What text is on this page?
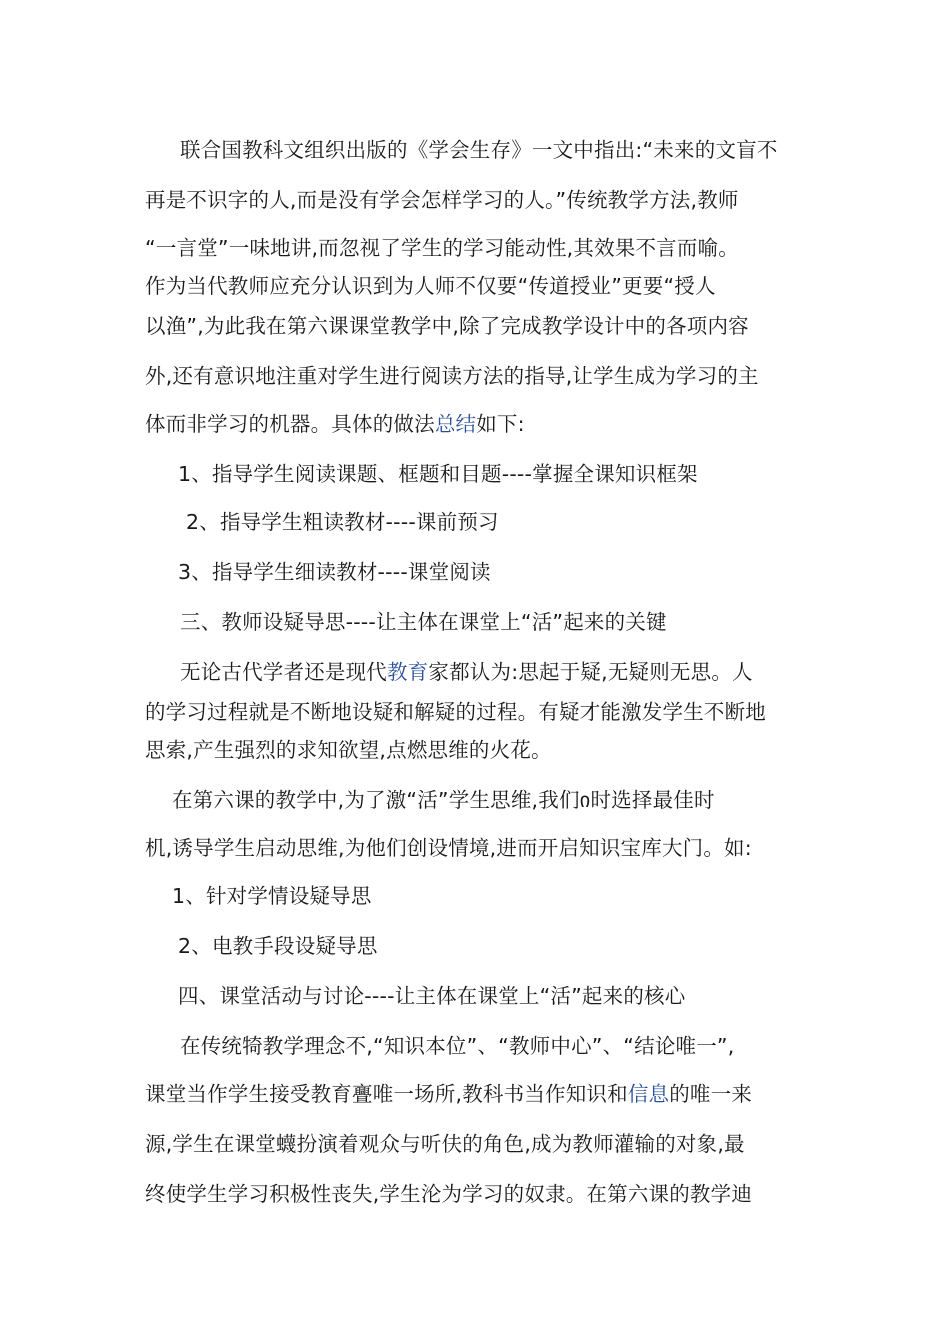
联合国教科文组织出版的《学会生存》一文中指出:“未来的文盲不
再是不识字的人,而是没有学会怎样学习的人。”传统教学方法,教师
“一言堂”一味地讲,而忽视了学生的学习能动性,其效果不言而喻。
作为当代教师应充分认识到为人师不仅要“传道授业”更要“授人
以渔”,为此我在第六课课堂教学中,除了完成教学设计中的各项内容
外,还有意识地注重对学生进行阅读方法的指导,让学生成为学习的主
体而非学习的机器。具体的做法总结如下:
1、指导学生阅读课题、框题和目题----掌握全课知识框架
2、指导学生粗读教材----课前预习
3、指导学生细读教材----课堂阅读
三、教师设疑导思----让主体在课堂上“活”起来的关键
无论古代学者还是现代教育家都认为:思起于疑,无疑则无思。人
的学习过程就是不断地设疑和解疑的过程。有疑才能激发学生不断地
思索,产生强烈的求知欲望,点燃思维的火花。
在第六课的教学中,为了激“活”学生思维,我们ი时选择最佳时
机,诱导学生启动思维,为他们创设情境,进而开启知识宝库大门。如:
1、针对学情设疑导思
2、电教手段设疑导思
四、课堂活动与讨论----让主体在课堂上“活”起来的核心
在传统犄教学理念不,“知识本位”、“教师中心”、“结论唯一”,
课堂当作学生接受教育亹唯一场所,教科书当作知识和信息的唯一来
源,学生在课堂蠛扮演着观众与听伕的角色,成为教师灌输的对象,最
终使学生学习积极性丧失,学生沦为学习的奴隶。在第六课的教学迪
